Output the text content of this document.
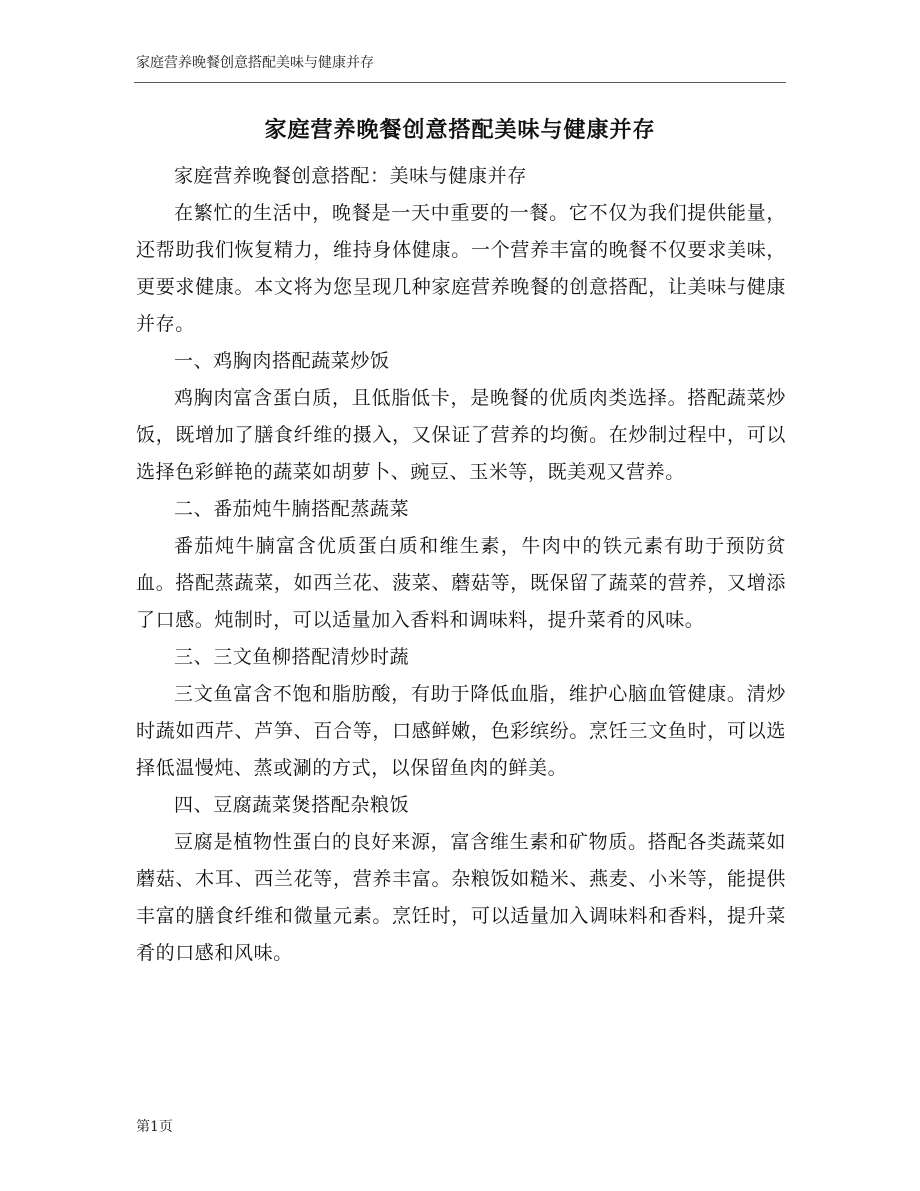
家庭营养晚餐创意搭配美味与健康并存
家庭营养晚餐创意搭配美味与健康并存

家庭营养晚餐创意搭配：美味与健康并存

在繁忙的生活中，晚餐是一天中重要的一餐。它不仅为我们提供能量，还帮助我们恢复精力，维持身体健康。一个营养丰富的晚餐不仅要求美味，更要求健康。本文将为您呈现几种家庭营养晚餐的创意搭配，让美味与健康并存。

一、鸡胸肉搭配蔬菜炒饭

鸡胸肉富含蛋白质，且低脂低卡，是晚餐的优质肉类选择。搭配蔬菜炒饭，既增加了膳食纤维的摄入，又保证了营养的均衡。在炒制过程中，可以选择色彩鲜艳的蔬菜如胡萝卜、豌豆、玉米等，既美观又营养。

二、番茄炖牛腩搭配蒸蔬菜

番茄炖牛腩富含优质蛋白质和维生素，牛肉中的铁元素有助于预防贫血。搭配蒸蔬菜，如西兰花、菠菜、蘑菇等，既保留了蔬菜的营养，又增添了口感。炖制时，可以适量加入香料和调味料，提升菜肴的风味。

三、三文鱼柳搭配清炒时蔬

三文鱼富含不饱和脂肪酸，有助于降低血脂，维护心脑血管健康。清炒时蔬如西芹、芦笋、百合等，口感鲜嫩，色彩缤纷。烹饪三文鱼时，可以选择低温慢炖、蒸或涮的方式，以保留鱼肉的鲜美。

四、豆腐蔬菜煲搭配杂粮饭

豆腐是植物性蛋白的良好来源，富含维生素和矿物质。搭配各类蔬菜如蘑菇、木耳、西兰花等，营养丰富。杂粮饭如糙米、燕麦、小米等，能提供丰富的膳食纤维和微量元素。烹饪时，可以适量加入调味料和香料，提升菜肴的口感和风味。

第1页
